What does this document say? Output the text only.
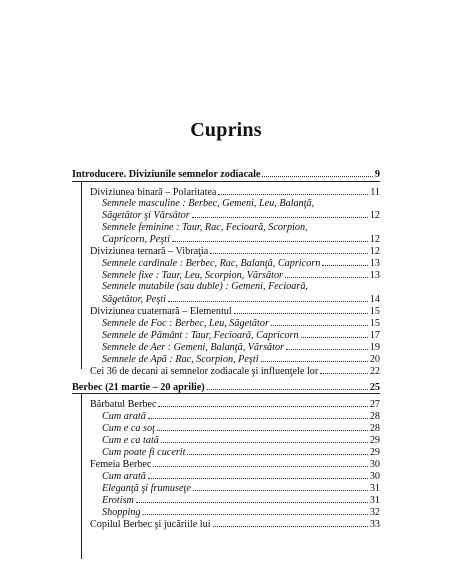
Cuprins
Introducere. Diviziunile semnelor zodiacale	9
Diviziunea binară – Polaritatea	11
Semnele masculine : Berbec, Gemeni, Leu, Balanţă,
Săgetător şi Vărsător	12
Semnele feminine : Taur, Rac, Fecioară, Scorpion,
Capricorn, Peşti	12
Diviziunea ternară – Vibraţia	12
Semnele cardinale : Berbec, Rac, Balanţă, Capricorn	13
Semnele fixe : Taur, Leu, Scorpion, Vărsător	13
Semnele mutabile (sau duble) : Gemeni, Fecioară,
Săgetător, Peşti	14
Diviziunea cuaternară – Elementul	15
Semnele de Foc : Berbec, Leu, Săgetător	15
Semnele de Pământ : Taur, Fecioară, Capricorn	17
Semnele de Aer : Gemeni, Balanţă, Vărsător	19
Semnele de Apă : Rac, Scorpion, Peşti	20
Cei 36 de decani ai semnelor zodiacale şi influenţele lor	22
Berbec (21 martie – 20 aprilie)	25
Bărbatul Berbec	27
Cum arată	28
Cum e ca soţ	28
Cum e ca tată	29
Cum poate fi cucerit	29
Femeia Berbec	30
Cum arată	30
Eleganţă şi frumuseţe	31
Erotism	31
Shopping	32
Copilul Berbec şi jucăriile lui	33
